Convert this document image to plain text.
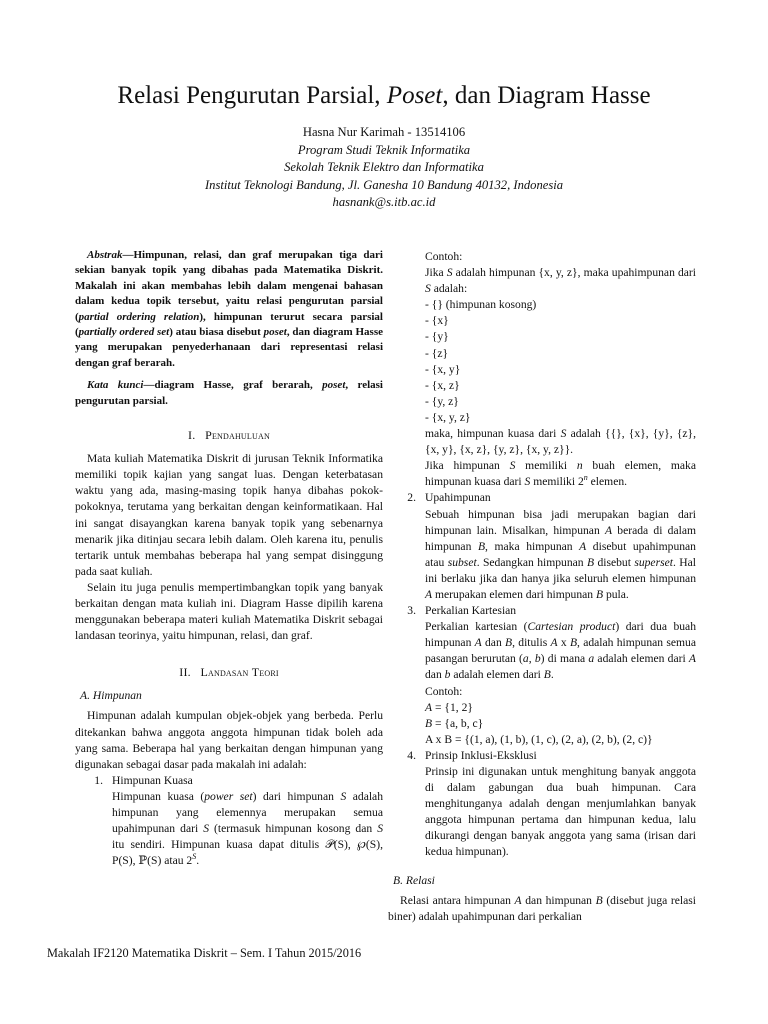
Relasi Pengurutan Parsial, Poset, dan Diagram Hasse
Hasna Nur Karimah - 13514106
Program Studi Teknik Informatika
Sekolah Teknik Elektro dan Informatika
Institut Teknologi Bandung, Jl. Ganesha 10 Bandung 40132, Indonesia
hasnank@s.itb.ac.id

Abstrak—Himpunan, relasi, dan graf merupakan tiga dari sekian banyak topik yang dibahas pada Matematika Diskrit. Makalah ini akan membahas lebih dalam mengenai bahasan dalam kedua topik tersebut, yaitu relasi pengurutan parsial (partial ordering relation), himpunan terurut secara parsial (partially ordered set) atau biasa disebut poset, dan diagram Hasse yang merupakan penyederhanaan dari representasi relasi dengan graf berarah.

Kata kunci—diagram Hasse, graf berarah, poset, relasi pengurutan parsial.

I. Pendahuluan

Mata kuliah Matematika Diskrit di jurusan Teknik Informatika memiliki topik kajian yang sangat luas. Dengan keterbatasan waktu yang ada, masing-masing topik hanya dibahas pokok-pokoknya, terutama yang berkaitan dengan keinformatikaan. Hal ini sangat disayangkan karena banyak topik yang sebenarnya menarik jika ditinjau secara lebih dalam. Oleh karena itu, penulis tertarik untuk membahas beberapa hal yang sempat disinggung pada saat kuliah.

Selain itu juga penulis mempertimbangkan topik yang banyak berkaitan dengan mata kuliah ini. Diagram Hasse dipilih karena menggunakan beberapa materi kuliah Matematika Diskrit sebagai landasan teorinya, yaitu himpunan, relasi, dan graf.

II. Landasan Teori

A. Himpunan

Himpunan adalah kumpulan objek-objek yang berbeda. Perlu ditekankan bahwa anggota anggota himpunan tidak boleh ada yang sama. Beberapa hal yang berkaitan dengan himpunan yang digunakan sebagai dasar pada makalah ini adalah:

1. Himpunan Kuasa

Himpunan kuasa (power set) dari himpunan S adalah himpunan yang elemennya merupakan semua upahimpunan dari S (termasuk himpunan kosong dan S itu sendiri. Himpunan kuasa dapat ditulis 𝒫(S), ℘(S), P(S), ℙ(S) atau $2^S$.

Contoh:

Jika S adalah himpunan {x, y, z}, maka upahimpunan dari S adalah:

- {} (himpunan kosong)

- {x}

- {y}

- {z}

- {x, y}

- {x, z}

- {y, z}

- {x, y, z}

maka, himpunan kuasa dari S adalah {{}, {x}, {y}, {z}, {x, y}, {x, z}, {y, z}, {x, y, z}}.

Jika himpunan S memiliki n buah elemen, maka himpunan kuasa dari S memiliki 2$^n$ elemen.

2. Upahimpunan

Sebuah himpunan bisa jadi merupakan bagian dari himpunan lain. Misalkan, himpunan A berada di dalam himpunan B, maka himpunan A disebut upahimpunan atau subset. Sedangkan himpunan B disebut superset. Hal ini berlaku jika dan hanya jika seluruh elemen himpunan A merupakan elemen dari himpunan B pula.

3. Perkalian Kartesian

Perkalian kartesian (Cartesian product) dari dua buah himpunan A dan B, ditulis A x B, adalah himpunan semua pasangan berurutan (a, b) di mana a adalah elemen dari A dan b adalah elemen dari B.

Contoh:

A = {1, 2}

B = {a, b, c}

A x B = {(1, a), (1, b), (1, c), (2, a), (2, b), (2, c)}

4. Prinsip Inklusi-Eksklusi

Prinsip ini digunakan untuk menghitung banyak anggota di dalam gabungan dua buah himpunan. Cara menghitunganya adalah dengan menjumlahkan banyak anggota himpunan pertama dan himpunan kedua, lalu dikurangi dengan banyak anggota yang sama (irisan dari kedua himpunan).

B. Relasi

Relasi antara himpunan A dan himpunan B (disebut juga relasi biner) adalah upahimpunan dari perkalian

Makalah IF2120 Matematika Diskrit – Sem. I Tahun 2015/2016
